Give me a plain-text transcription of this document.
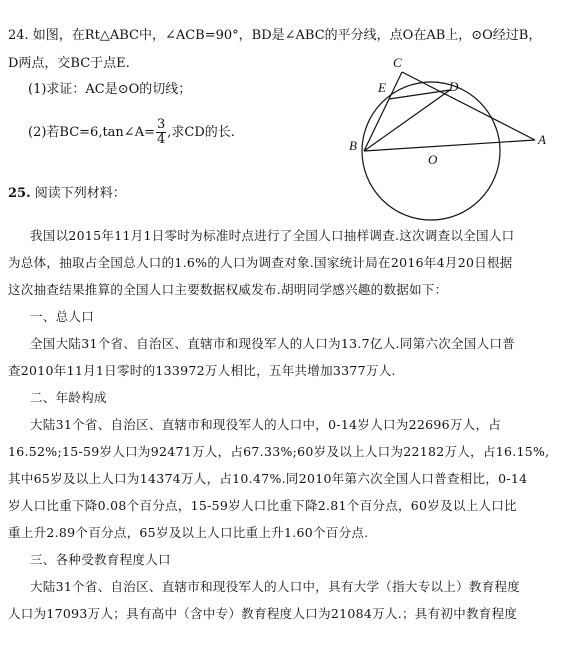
24. 如图，在Rt△ABC中，∠ACB=90°，BD是∠ABC的平分线，点O在AB上，⊙O经过B，
D两点，交BC于点E.
(1)求证：AC是⊙O的切线；
(2)若BC=6,tan∠A= $\frac{3}{4}$ ,求CD的长.
C
E	D
B
O
A
25. 阅读下列材料：
我国以2015年11月1日零时为标准时点进行了全国人口抽样调查.这次调查以全国人口
为总体，抽取占全国总人口的1.6%的人口为调查对象.国家统计局在2016年4月20日根据
这次抽查结果推算的全国人口主要数据权威发布.胡明同学感兴趣的数据如下：
一、总人口
全国大陆31个省、自治区、直辖市和现役军人的人口为13.7亿人.同第六次全国人口普
查2010年11月1日零时的133972万人相比，五年共增加3377万人.
二、年龄构成
大陆31个省、自治区、直辖市和现役军人的人口中，0-14岁人口为22696万人，占
16.52%;15-59岁人口为92471万人，占67.33%;60岁及以上人口为22182万人，占16.15%,
其中65岁及以上人口为14374万人，占10.47%.同2010年第六次全国人口普查相比，0-14
岁人口比重下降0.08个百分点，15-59岁人口比重下降2.81个百分点，60岁及以上人口比
重上升2.89个百分点，65岁及以上人口比重上升1.60个百分点.
三、各种受教育程度人口
大陆31个省、自治区、直辖市和现役军人的人口中，具有大学（指大专以上）教育程度
人口为17093万人；具有高中（含中专）教育程度人口为21084万人.；具有初中教育程度
